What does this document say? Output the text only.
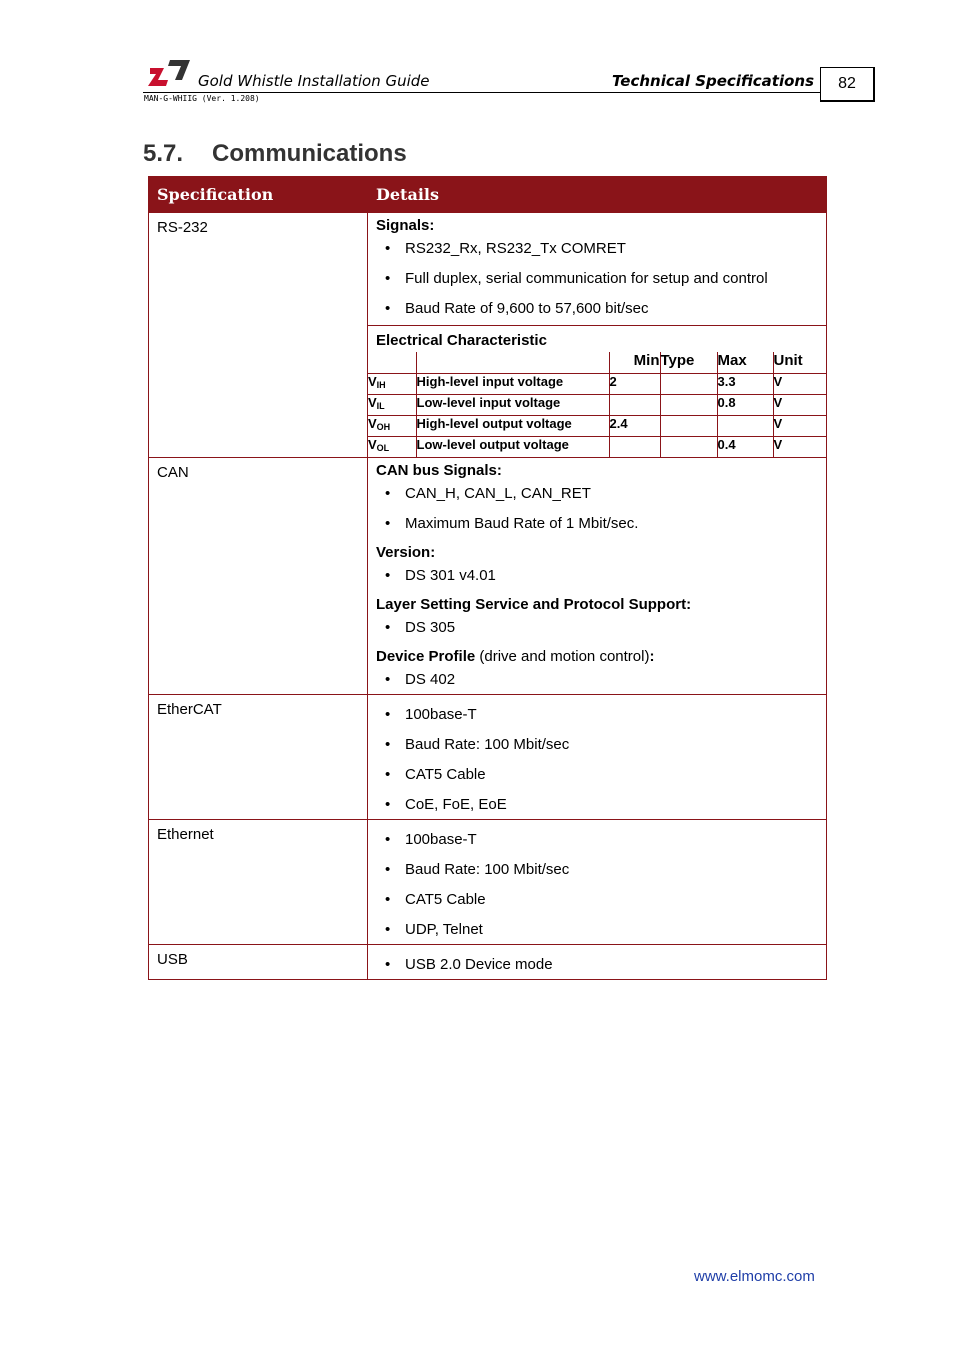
Gold Whistle Installation Guide	Technical Specifications	82
MAN-G-WHIIG (Ver. 1.208)
5.7. Communications
Specification	Details
RS-232	Signals:
• RS232_Rx, RS232_Tx COMRET
• Full duplex, serial communication for setup and control
• Baud Rate of 9,600 to 57,600 bit/sec
Electrical Characteristic
		Min	Type	Max	Unit
$V_{IH}$	High-level input voltage	2		3.3	V
$V_{IL}$	Low-level input voltage			0.8	V
$V_{OH}$	High-level output voltage	2.4			V
$V_{OL}$	Low-level output voltage			0.4	V

CAN	CAN bus Signals:
• CAN_H, CAN_L, CAN_RET
• Maximum Baud Rate of 1 Mbit/sec.
Version:
• DS 301 v4.01
Layer Setting Service and Protocol Support:
• DS 305
Device Profile (drive and motion control):
• DS 402

EtherCAT	
•100base-T
• Baud Rate: 100 Mbit/sec
• CAT5 Cable
• CoE, FoE, EoE

Ethernet	
•100base-T
• Baud Rate: 100 Mbit/sec
• CAT5 Cable
• UDP, Telnet

USB	
•USB 2.0 Device mode
www.elmomc.com
